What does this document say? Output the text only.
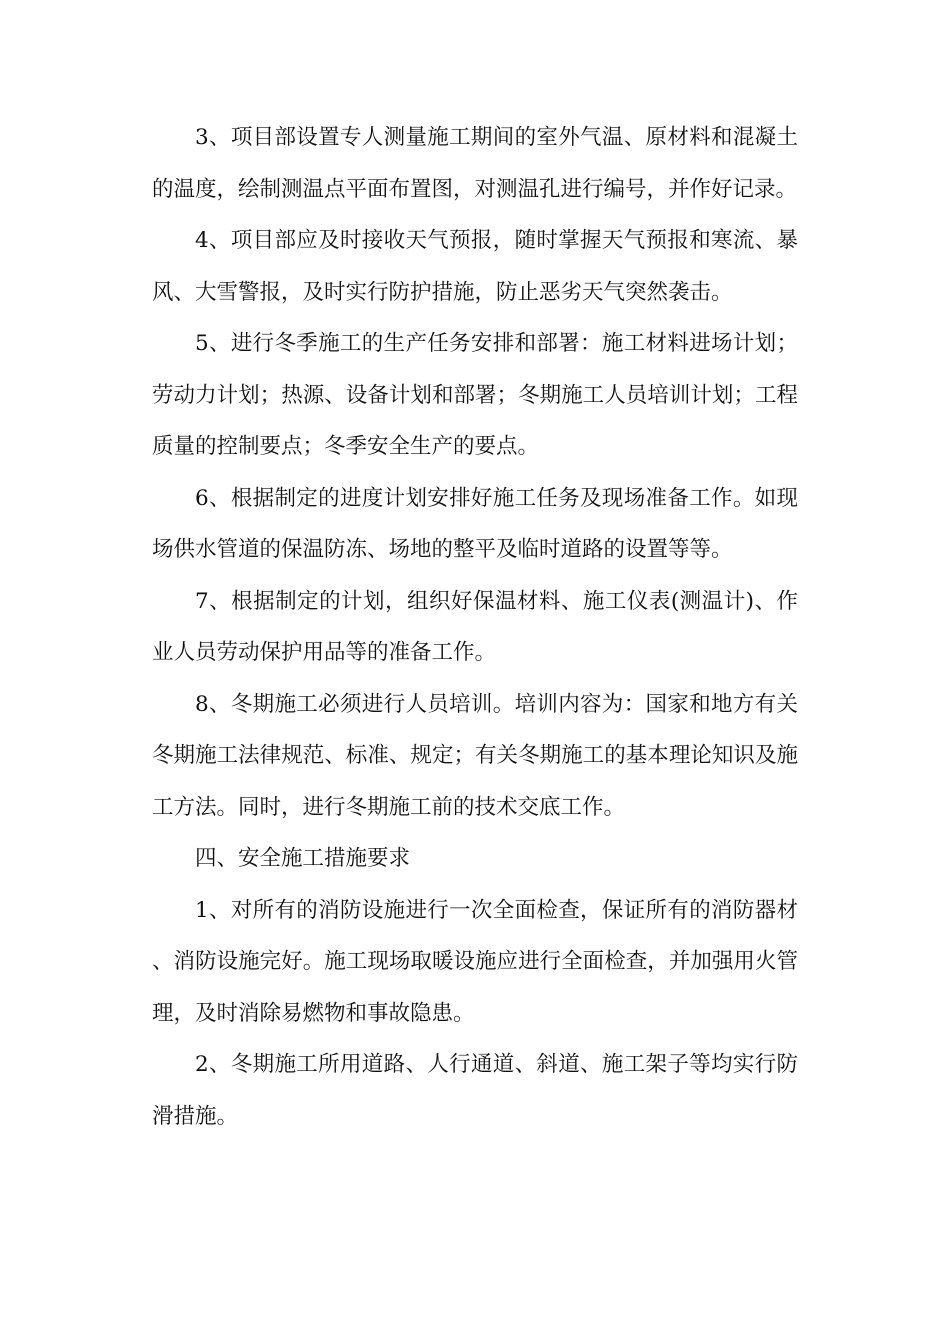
3、项目部设置专人测量施工期间的室外气温、原材料和混凝土的温度，绘制测温点平面布置图，对测温孔进行编号，并作好记录。

4、项目部应及时接收天气预报，随时掌握天气预报和寒流、暴风、大雪警报，及时实行防护措施，防止恶劣天气突然袭击。

5、进行冬季施工的生产任务安排和部署：施工材料进场计划；劳动力计划；热源、设备计划和部署；冬期施工人员培训计划；工程质量的控制要点；冬季安全生产的要点。

6、根据制定的进度计划安排好施工任务及现场准备工作。如现场供水管道的保温防冻、场地的整平及临时道路的设置等等。

7、根据制定的计划，组织好保温材料、施工仪表(测温计)、作业人员劳动保护用品等的准备工作。

8、冬期施工必须进行人员培训。培训内容为：国家和地方有关冬期施工法律规范、标准、规定；有关冬期施工的基本理论知识及施工方法。同时，进行冬期施工前的技术交底工作。

四、安全施工措施要求

1、对所有的消防设施进行一次全面检查，保证所有的消防器材、消防设施完好。施工现场取暖设施应进行全面检查，并加强用火管理，及时消除易燃物和事故隐患。

2、冬期施工所用道路、人行通道、斜道、施工架子等均实行防滑措施。
